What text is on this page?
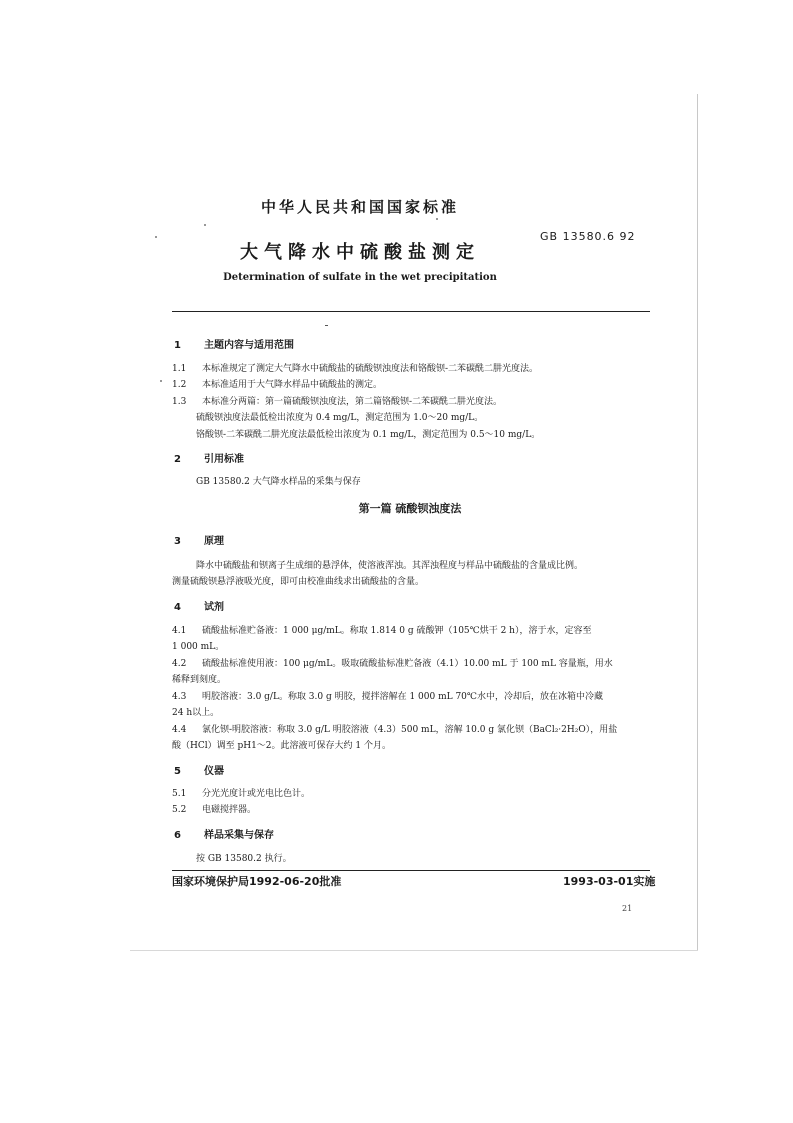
中华人民共和国国家标准
GB 13580.6 92
大气降水中硫酸盐测定
Determination of sulfate in the wet precipitation
1 主题内容与适用范围
1.1 本标准规定了测定大气降水中硫酸盐的硫酸钡浊度法和铬酸钡-二苯碳酰二肼光度法。
1.2 本标准适用于大气降水样品中硫酸盐的测定。
1.3 本标准分两篇：第一篇硫酸钡浊度法，第二篇铬酸钡-二苯碳酰二肼光度法。
硫酸钡浊度法最低检出浓度为 0.4 mg/L，测定范围为 1.0～20 mg/L。
铬酸钡-二苯碳酰二肼光度法最低检出浓度为 0.1 mg/L，测定范围为 0.5～10 mg/L。
2 引用标准
GB 13580.2 大气降水样品的采集与保存
第一篇 硫酸钡浊度法
3 原理
降水中硫酸盐和钡离子生成细的悬浮体，使溶液浑浊。其浑浊程度与样品中硫酸盐的含量成比例。
测量硫酸钡悬浮液吸光度，即可由校准曲线求出硫酸盐的含量。
4 试剂
4.1 硫酸盐标准贮备液：1 000 μg/mL。称取 1.814 0 g 硫酸钾（105℃烘干 2 h），溶于水，定容至
1 000 mL。
4.2 硫酸盐标准使用液：100 μg/mL。吸取硫酸盐标准贮备液（4.1）10.00 mL 于 100 mL 容量瓶，用水
稀释到刻度。
4.3 明胶溶液：3.0 g/L。称取 3.0 g 明胶，搅拌溶解在 1 000 mL 70℃水中，冷却后，放在冰箱中冷藏
24 h以上。
4.4 氯化钡-明胶溶液：称取 3.0 g/L 明胶溶液（4.3）500 mL，溶解 10.0 g 氯化钡（BaCl₂·2H₂O），用盐
酸（HCl）调至 pH1～2。此溶液可保存大约 1 个月。
5 仪器
5.1 分光光度计或光电比色计。
5.2 电磁搅拌器。
6 样品采集与保存
按 GB 13580.2 执行。
国家环境保护局1992-06-20批准	1993-03-01实施
21
